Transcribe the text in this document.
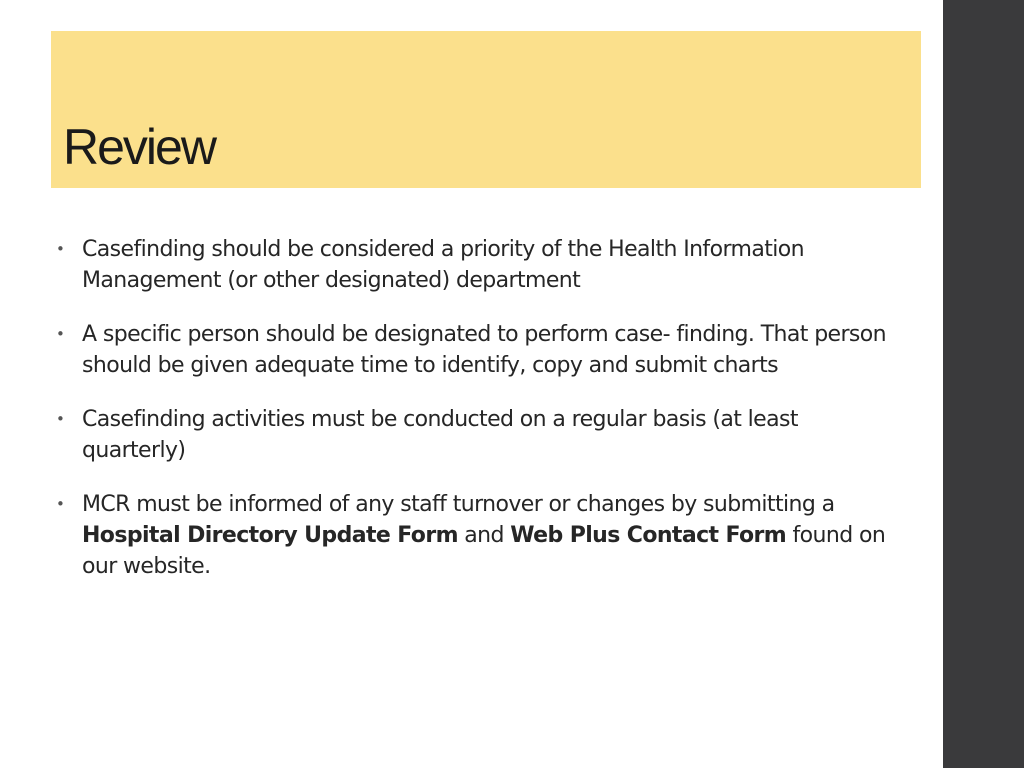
Review
• Casefinding should be considered a priority of the Health Information Management (or other designated) department
• A specific person should be designated to perform case- finding. That person should be given adequate time to identify, copy and submit charts
• Casefinding activities must be conducted on a regular basis (at least quarterly)
• MCR must be informed of any staff turnover or changes by submitting a Hospital Directory Update Form and Web Plus Contact Form found on our website.
